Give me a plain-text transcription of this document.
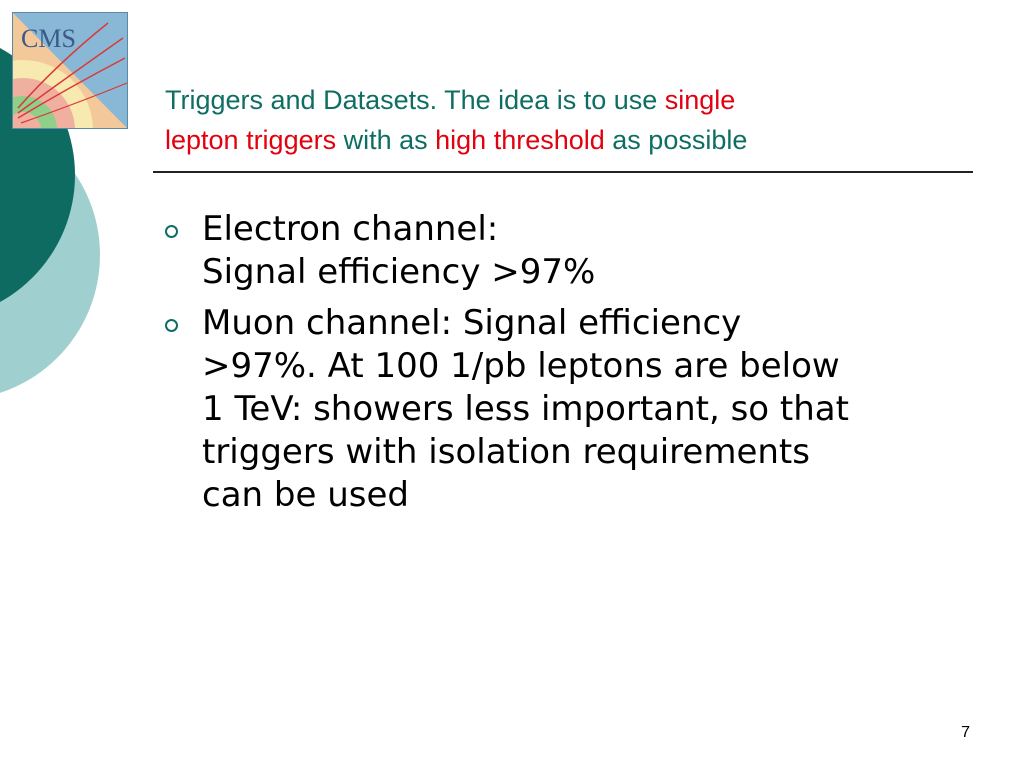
CMS
Triggers and Datasets. The idea is to use single
lepton triggers with as high threshold as possible
Electron channel:
Signal efficiency >97%
Muon channel: Signal efficiency
>97%. At 100 1/pb leptons are below
1 TeV: showers less important, so that
triggers with isolation requirements
can be used
7
